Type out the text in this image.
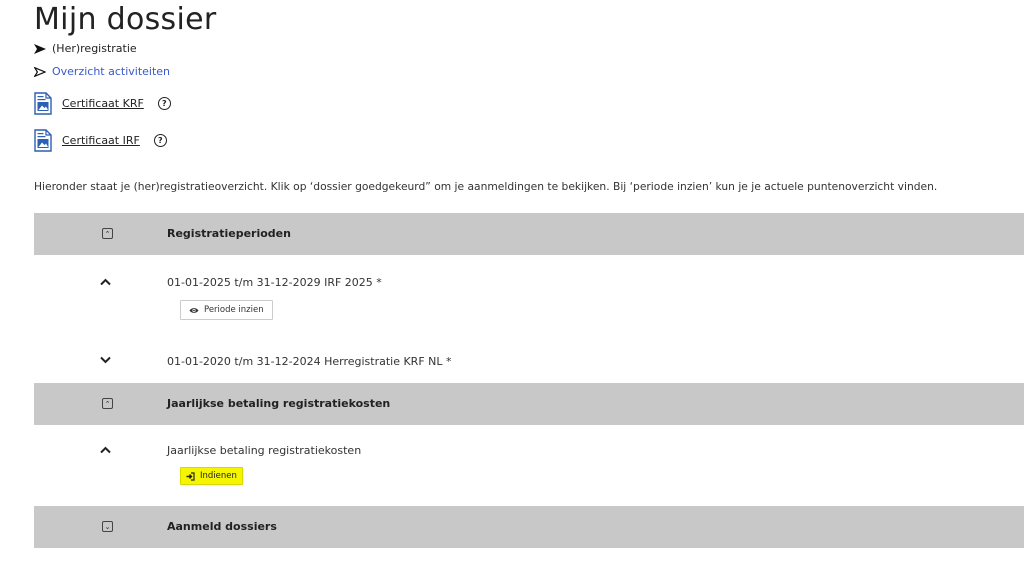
Mijn dossier
(Her)registratie
Overzicht activiteiten
Certificaat KRF	?
Certificaat IRF	?
Hieronder staat je (her)registratieoverzicht. Klik op ‘dossier goedgekeurd” om je aanmeldingen te bekijken. Bij ‘periode inzien’ kun je je actuele puntenoverzicht vinden.
⌃	Registratieperioden
01-01-2025 t/m 31-12-2029 IRF 2025 *
Periode inzien
01-01-2020 t/m 31-12-2024 Herregistratie KRF NL *
⌃	Jaarlijkse betaling registratiekosten
Jaarlijkse betaling registratiekosten
Indienen
⌄	Aanmeld dossiers
